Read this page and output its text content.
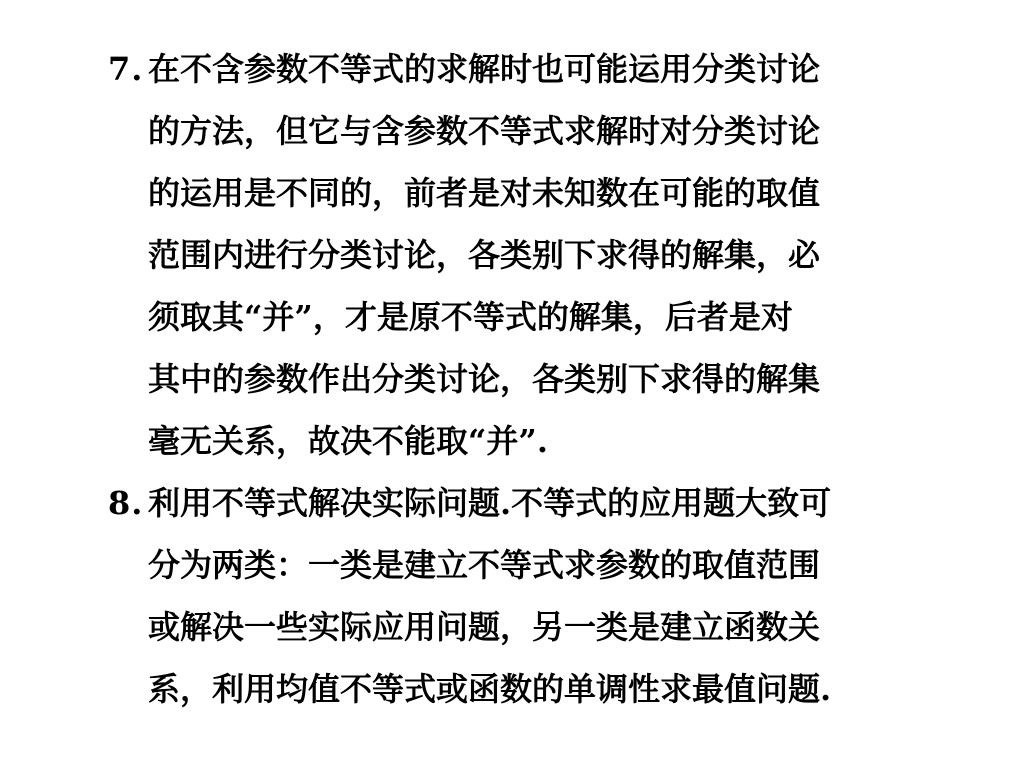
7. 在不含参数不等式的求解时也可能运用分类讨论
的方法，但它与含参数不等式求解时对分类讨论
的运用是不同的，前者是对未知数在可能的取值
范围内进行分类讨论，各类别下求得的解集，必
须取其“并”，才是原不等式的解集，后者是对
其中的参数作出分类讨论，各类别下求得的解集
毫无关系，故决不能取“并”.
8. 利用不等式解决实际问题.不等式的应用题大致可
分为两类：一类是建立不等式求参数的取值范围
或解决一些实际应用问题，另一类是建立函数关
系，利用均值不等式或函数的单调性求最值问题.
